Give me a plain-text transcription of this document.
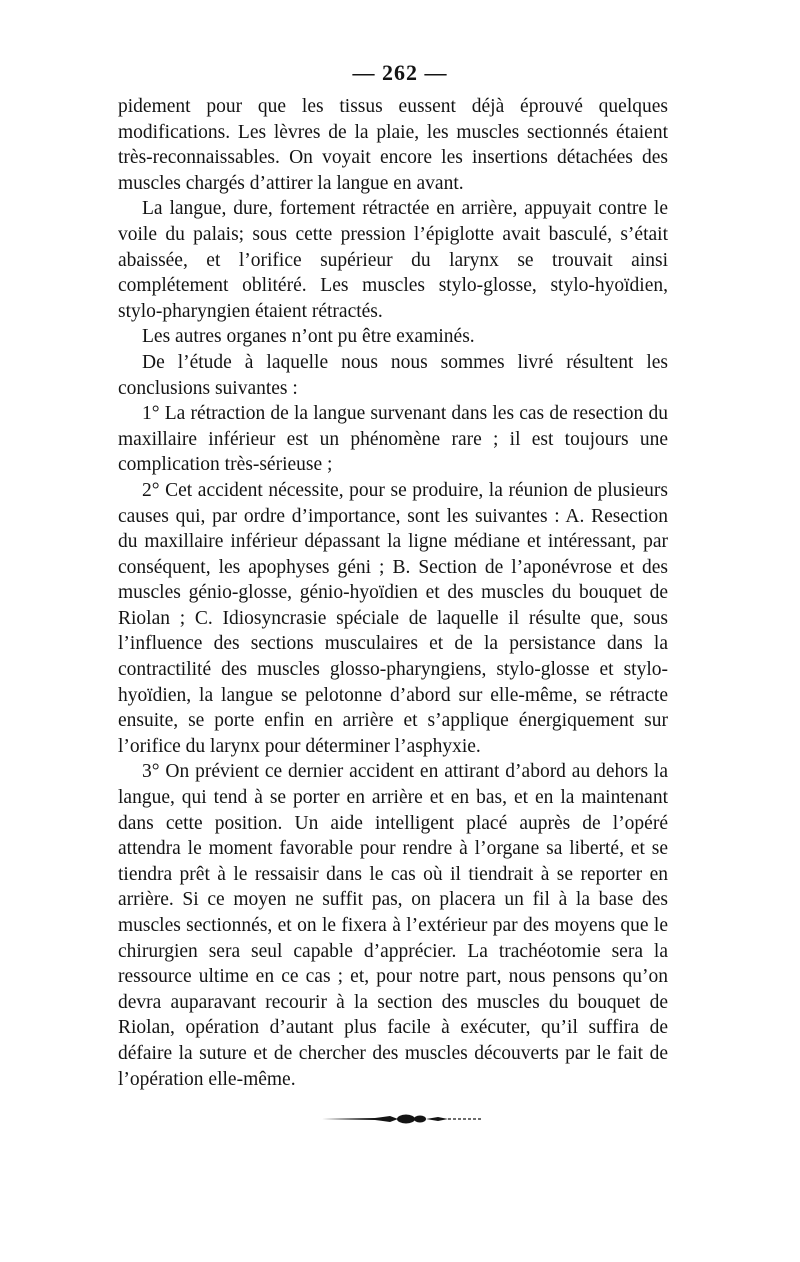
— 262 —

pidement pour que les tissus eussent déjà éprouvé quelques modifications. Les lèvres de la plaie, les muscles sectionnés étaient très-reconnaissables. On voyait encore les insertions détachées des muscles chargés d’attirer la langue en avant.

La langue, dure, fortement rétractée en arrière, appuyait contre le voile du palais; sous cette pression l’épiglotte avait basculé, s’était abaissée, et l’orifice supérieur du larynx se trouvait ainsi complétement oblitéré. Les muscles stylo-glosse, stylo-hyoïdien, stylo-pharyngien étaient rétractés.

Les autres organes n’ont pu être examinés.

De l’étude à laquelle nous nous sommes livré résultent les conclusions suivantes :

1° La rétraction de la langue survenant dans les cas de resection du maxillaire inférieur est un phénomène rare ; il est toujours une complication très-sérieuse ;

2° Cet accident nécessite, pour se produire, la réunion de plusieurs causes qui, par ordre d’importance, sont les suivantes : A. Resection du maxillaire inférieur dépassant la ligne médiane et intéressant, par conséquent, les apophyses géni ; B. Section de l’aponévrose et des muscles génio-glosse, génio-hyoïdien et des muscles du bouquet de Riolan ; C. Idiosyncrasie spéciale de laquelle il résulte que, sous l’influence des sections musculaires et de la persistance dans la contractilité des muscles glosso-pharyngiens, stylo-glosse et stylo-hyoïdien, la langue se pelotonne d’abord sur elle-même, se rétracte ensuite, se porte enfin en arrière et s’applique énergiquement sur l’orifice du larynx pour déterminer l’asphyxie.

3° On prévient ce dernier accident en attirant d’abord au dehors la langue, qui tend à se porter en arrière et en bas, et en la maintenant dans cette position. Un aide intelligent placé auprès de l’opéré attendra le moment favorable pour rendre à l’organe sa liberté, et se tiendra prêt à le ressaisir dans le cas où il tiendrait à se reporter en arrière. Si ce moyen ne suffit pas, on placera un fil à la base des muscles sectionnés, et on le fixera à l’extérieur par des moyens que le chirurgien sera seul capable d’apprécier. La trachéotomie sera la ressource ultime en ce cas ; et, pour notre part, nous pensons qu’on devra auparavant recourir à la section des muscles du bouquet de Riolan, opération d’autant plus facile à exécuter, qu’il suffira de défaire la suture et de chercher des muscles découverts par le fait de l’opération elle-même.
